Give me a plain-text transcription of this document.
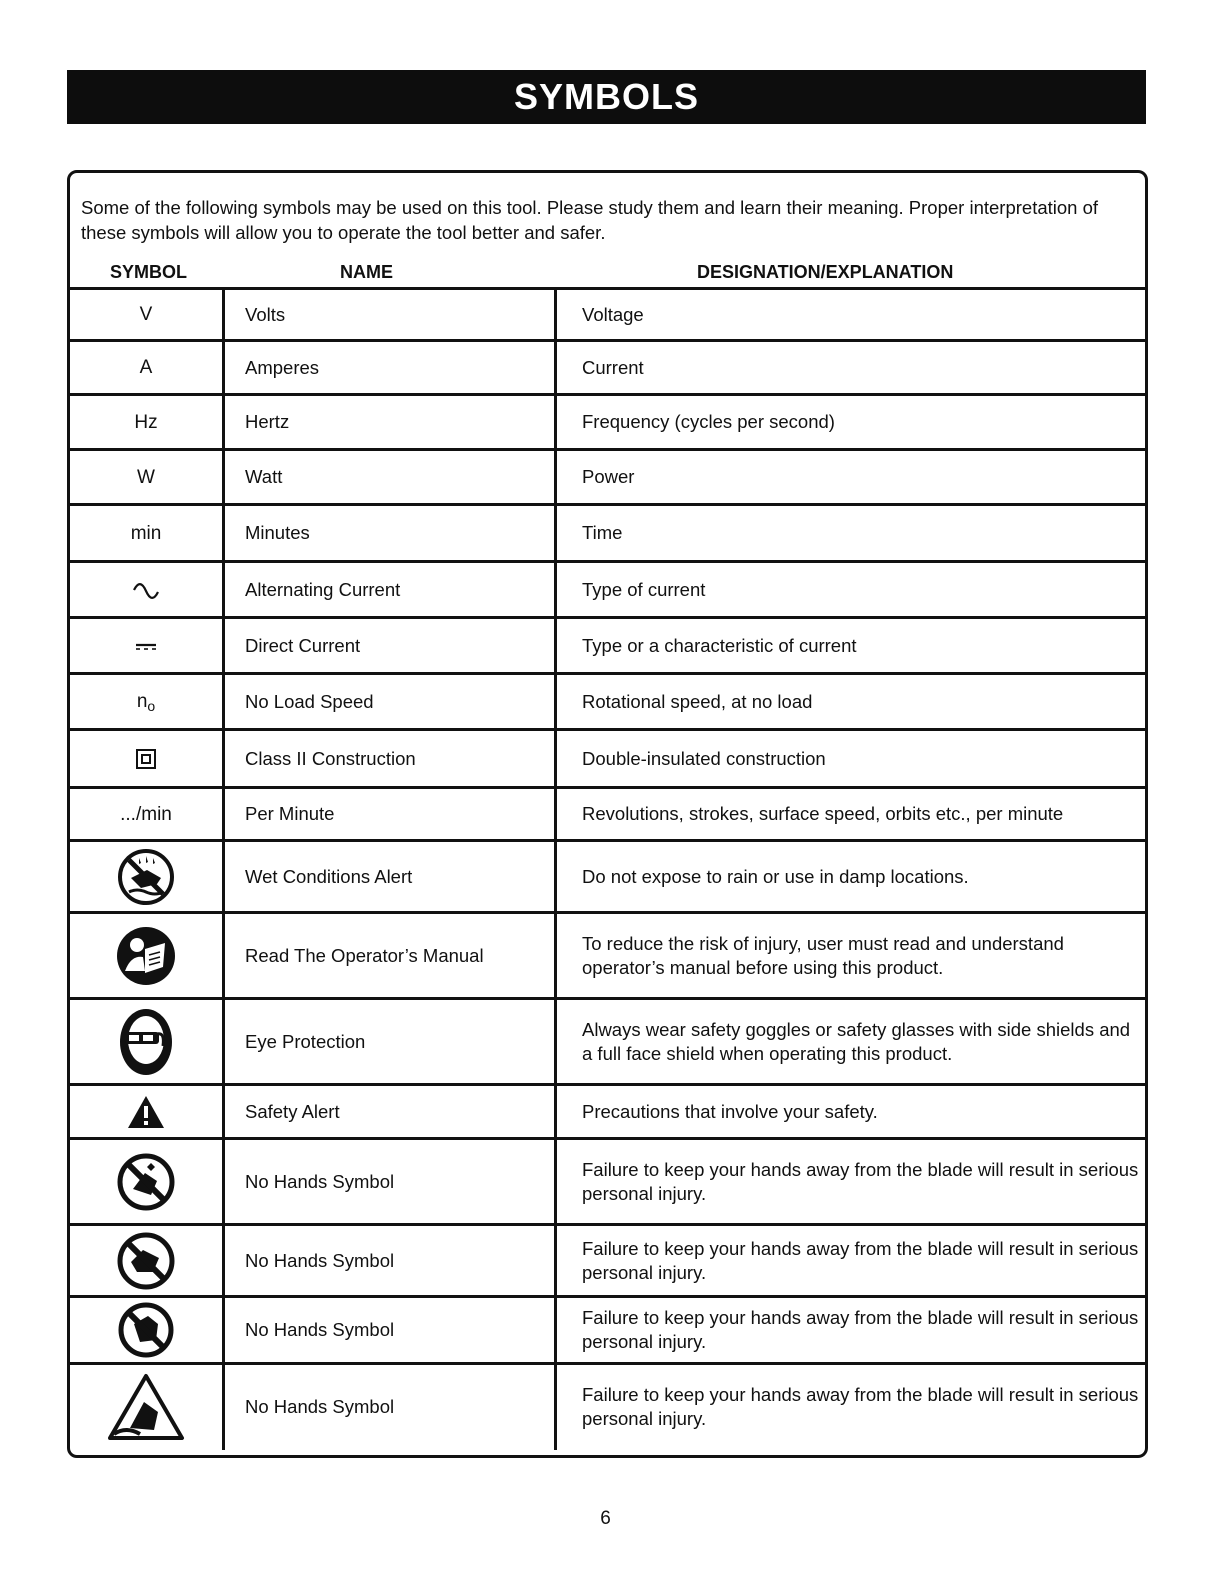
SYMBOLS

Some of the following symbols may be used on this tool. Please study them and learn their meaning. Proper interpretation of these symbols will allow you to operate the tool better and safer.

SYMBOL	NAME	DESIGNATION/EXPLANATION
V	Volts	Voltage
A	Amperes	Current
Hz	Hertz	Frequency (cycles per second)
W	Watt	Power
min	Minutes	Time
	Alternating Current	Type of current
	Direct Current	Type or a characteristic of current
$n_o$	No Load Speed	Rotational speed, at no load
	Class II Construction	Double-insulated construction
.../min	Per Minute	Revolutions, strokes, surface speed, orbits etc., per minute
	Wet Conditions Alert	Do not expose to rain or use in damp locations.
	Read The Operator’s Manual	To reduce the risk of injury, user must read and understand operator’s manual before using this product.
	Eye Protection	Always wear safety goggles or safety glasses with side shields and a full face shield when operating this product.
	Safety Alert	Precautions that involve your safety.
	No Hands Symbol	Failure to keep your hands away from the blade will result in serious personal injury.
	No Hands Symbol	Failure to keep your hands away from the blade will result in serious personal injury.
	No Hands Symbol	Failure to keep your hands away from the blade will result in serious personal injury.
	No Hands Symbol	Failure to keep your hands away from the blade will result in serious personal injury.
6
